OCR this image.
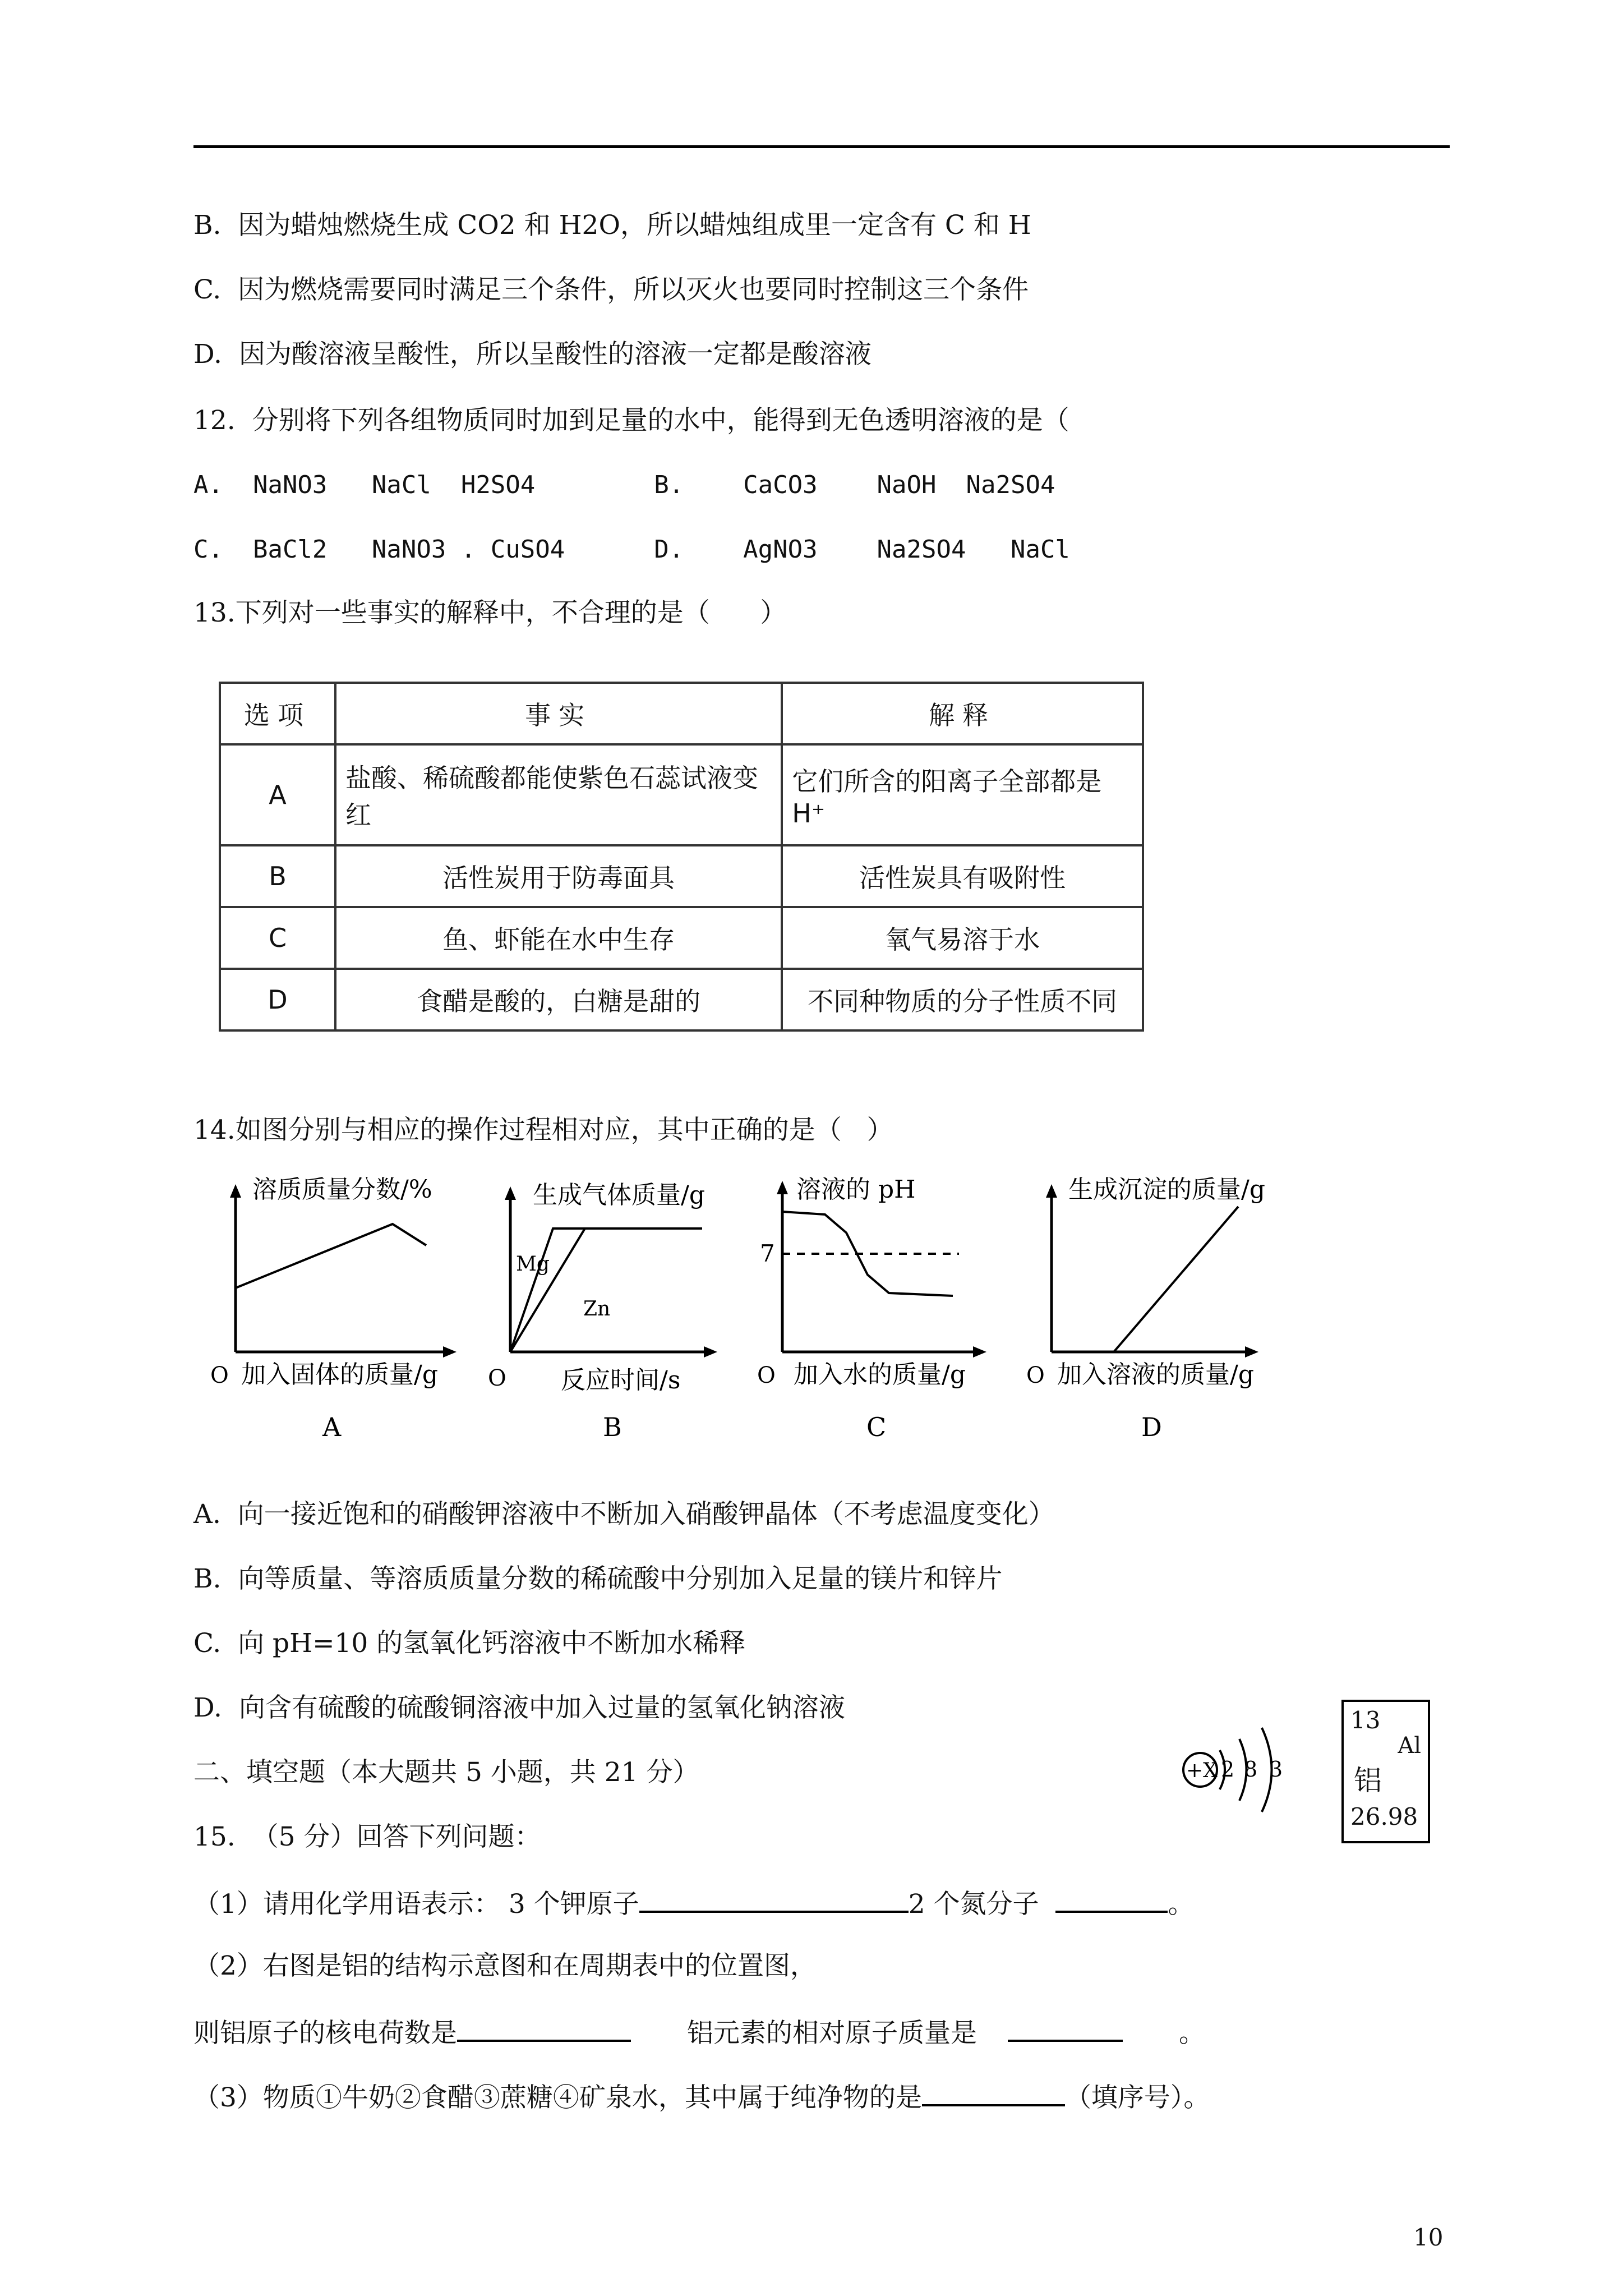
B.  因为蜡烛燃烧生成 CO2 和 H2O，所以蜡烛组成里一定含有 C 和 H
C.  因为燃烧需要同时满足三个条件，所以灭火也要同时控制这三个条件
D.  因为酸溶液呈酸性，所以呈酸性的溶液一定都是酸溶液
12.  分别将下列各组物质同时加到足量的水中，能得到无色透明溶液的是（
A.  NaNO3   NaCl  H2SO4        B.    CaCO3    NaOH  Na2SO4
C.  BaCl2   NaNO3 . CuSO4      D.    AgNO3    Na2SO4   NaCl
13.下列对一些事实的解释中，不合理的是（      ）
选项	事实	解释
A	盐酸、稀硫酸都能使紫色石蕊试液变红	它们所含的阳离子全部都是 H⁺
B	活性炭用于防毒面具	活性炭具有吸附性
C	鱼、虾能在水中生存	氧气易溶于水
D	食醋是酸的，白糖是甜的	不同种物质的分子性质不同
14.如图分别与相应的操作过程相对应，其中正确的是（   ）
溶质质量分数/%
O 加入固体的质量/g
A
生成气体质量/g
Mg
Zn
O 反应时间/s
B
7
溶液的 pH
O 加入水的质量/g
C
生成沉淀的质量/g
O 加入溶液的质量/g
D
A.  向一接近饱和的硝酸钾溶液中不断加入硝酸钾晶体（不考虑温度变化）
B.  向等质量、等溶质质量分数的稀硫酸中分别加入足量的镁片和锌片
C.  向 pH=10 的氢氧化钙溶液中不断加水稀释
D.  向含有硫酸的硫酸铜溶液中加入过量的氢氧化钠溶液
二、填空题（本大题共 5 小题，共 21 分）	+X 2 8 3
13
Al
铝
26.98
15.  （5 分）回答下列问题：
（1）请用化学用语表示： 3 个钾原子	2 个氮分子	。
（2）右图是铝的结构示意图和在周期表中的位置图，
则铝原子的核电荷数是	铝元素的相对原子质量是	。
（3）物质①牛奶②食醋③蔗糖④矿泉水，其中属于纯净物的是	（填序号）。
10
